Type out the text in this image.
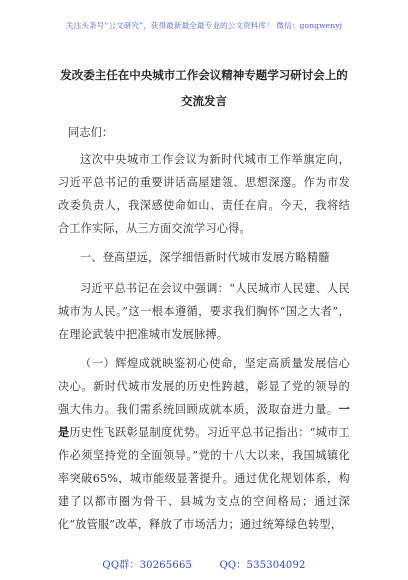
关注头条号“公文研究”，获得最新最全最专业的公文资料库！ 微信：gongwenyj
发改委主任在中央城市工作会议精神专题学习研讨会上的
交流发言
同志们：

这次中央城市工作会议为新时代城市工作举旗定向，习近平总书记的重要讲话高屋建瓴、思想深邃。作为市发改委负责人，我深感使命如山、责任在肩。今天，我将结合工作实际，从三方面交流学习心得。

一、登高望远，深学细悟新时代城市发展方略精髓

习近平总书记在会议中强调：“人民城市人民建、人民城市为人民。”这一根本遵循，要求我们胸怀“国之大者”，在理论武装中把准城市发展脉搏。

（一）辉煌成就映鉴初心使命，坚定高质量发展信心决心。新时代城市发展的历史性跨越，彰显了党的领导的强大伟力。我们需系统回顾成就本质，汲取奋进力量。一是历史性飞跃彰显制度优势。习近平总书记指出：“城市工作必须坚持党的全面领导。”党的十八大以来，我国城镇化率突破65%，城市能级显著提升。通过优化规划体系，构建了以都市圈为骨干、县城为支点的空间格局；通过深化“放管服”改革，释放了市场活力；通过统筹绿色转型，

QQ群：30265665	QQ：535304092
